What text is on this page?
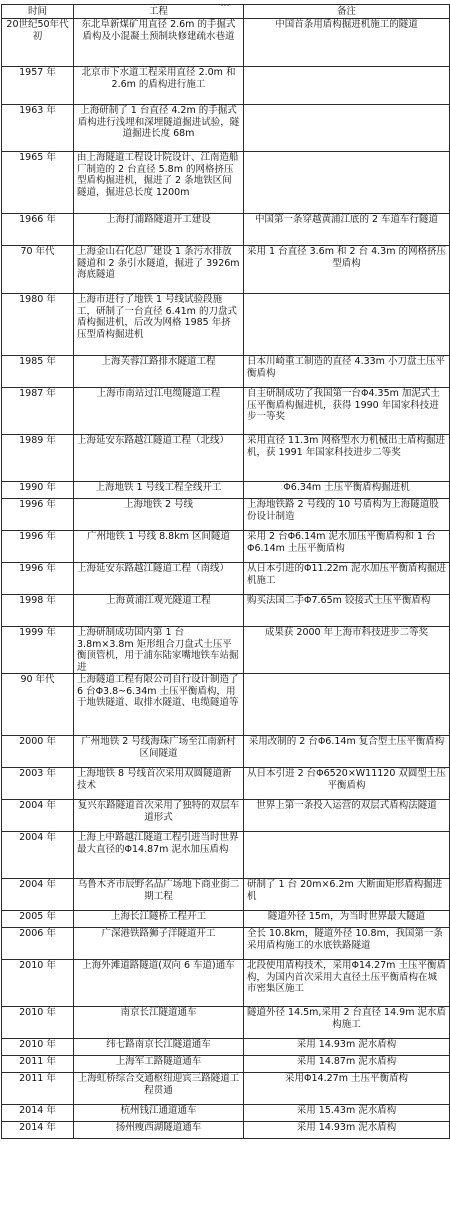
…
时间	工程	备注
20世纪50年代初	东北阜新煤矿用直径 2.6m 的手掘式盾构及小混凝土预制块修建疏水巷道	中国首条用盾构掘进机施工的隧道
1957 年	北京市下水道工程采用直径 2.0m 和 2.6m 的盾构进行施工	
1963 年	上海研制了 1 台直径 4.2m 的手掘式盾构进行浅埋和深埋隧道掘进试验，隧道掘进长度 68m	
1965 年	由上海隧道工程设计院设计、江南造船厂制造的 2 台直径 5.8m 的网格挤压型盾构掘进机，掘进了 2 条地铁区间隧道，掘进总长度 1200m	
1966 年	上海打浦路隧道开工建设	中国第一条穿越黄浦江底的 2 车道车行隧道
70 年代	上海金山石化总厂建设 1 条污水排放隧道和 2 条引水隧道，掘进了 3926m 海底隧道	采用 1 台直径 3.6m 和 2 台 4.3m 的网格挤压型盾构
1980 年	上海市进行了地铁 1 号线试验段施工，研制了一台直径 6.41m 的刀盘式盾构掘进机，后改为网格 1985 年挤压型盾构掘进机	
1985 年	上海芙蓉江路排水隧道工程	日本川崎重工制造的直径 4.33m 小刀盘土压平衡盾构
1987 年	上海市南站过江电缆隧道工程	自主研制成功了我国第一台Φ4.35m 加泥式土压平衡盾构掘进机，获得 1990 年国家科技进步一等奖
1989 年	上海延安东路越江隧道工程（北线）	采用直径 11.3m 网格型水力机械出土盾构掘进机，获 1991 年国家科技进步二等奖
1990 年	上海地铁 1 号线工程全线开工	Φ6.34m 土压平衡盾构掘进机
1996 年	上海地铁 2 号线	上海地铁路 2 号线的 10 号盾构为上海隧道股份设计制造
1996 年	广州地铁 1 号线 8.8km 区间隧道	采用 2 台Φ6.14m 泥水加压平衡盾构和 1 台Φ6.14m 土压平衡盾构
1996 年	上海延安东路越江隧道工程（南线）	从日本引进的Φ11.22m 泥水加压平衡盾构掘进机施工
1998 年	上海黄浦江观光隧道工程	购买法国二手Φ7.65m 铰接式土压平衡盾构
1999 年	上海研制成功国内第 1 台 3.8m×3.8m 矩形组合刀盘式土压平衡顶管机，用于浦东陆家嘴地铁车站掘进	成果获 2000 年上海市科技进步二等奖
90 年代	上海隧道工程有限公司自行设计制造了 6 台Φ3.8~6.34m 土压平衡盾构，用于地铁隧道、取排水隧道、电缆隧道等	
2000 年	广州地铁 2 号线海珠广场至江南新村区间隧道	采用改制的 2 台Φ6.14m 复合型土压平衡盾构
2003 年	上海地铁 8 号线首次采用双圆隧道新技术	从日本引进 2 台Φ6520×W11120 双圆型土压平衡盾构
2004 年	复兴东路隧道首次采用了独特的双层车道形式	世界上第一条投入运营的双层式盾构法隧道
2004 年	上海上中路越江隧道工程引进当时世界最大直径的Φ14.87m 泥水加压盾构	
2004 年	乌鲁木齐市辰野名品广场地下商业街二期工程	研制了 1 台 20m×6.2m 大断面矩形盾构掘进机
2005 年	上海长江隧桥工程开工	隧道外径 15m，为当时世界最大隧道
2006 年	广深港铁路狮子洋隧道开工	全长 10.8km，隧道外径 10.8m，我国第一条采用盾构施工的水底铁路隧道
2010 年	上海外滩道路隧道(双向 6 车道)通车	北段使用盾构技术，采用Φ14.27m 土压平衡盾构，为国内首次采用大直径土压平衡盾构在城市密集区施工
2010 年	南京长江隧道通车	隧道外径 14.5m,采用 2 台直径 14.9m 泥水盾构施工
2010 年	纬七路南京长江隧道通车	采用 14.93m 泥水盾构
2011 年	上海军工路隧道通车	采用 14.87m 泥水盾构
2011 年	上海虹桥综合交通枢纽迎宾三路隧道工程贯通	采用Φ14.27m 土压平衡盾构
2014 年	杭州钱江通道通车	采用 15.43m 泥水盾构
2014 年	扬州瘦西湖隧道通车	采用 14.93m 泥水盾构
